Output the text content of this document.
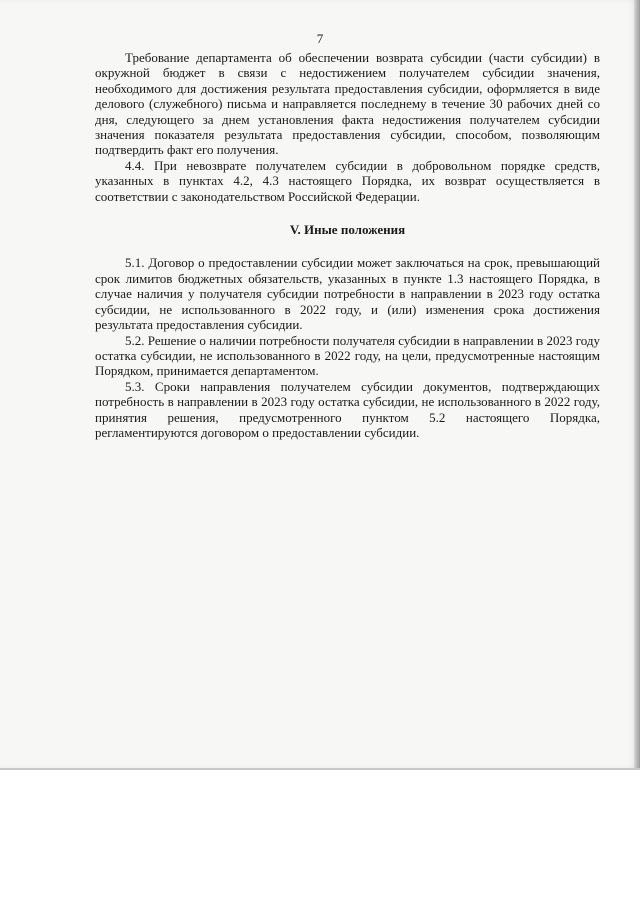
7

Требование департамента об обеспечении возврата субсидии (части субсидии) в окружной бюджет в связи с недостижением получателем субсидии значения, необходимого для достижения результата предоставления субсидии, оформляется в виде делового (служебного) письма и направляется последнему в течение 30 рабочих дней со дня, следующего за днем установления факта недостижения получателем субсидии значения показателя результата предоставления субсидии, способом, позволяющим подтвердить факт его получения.

4.4. При невозврате получателем субсидии в добровольном порядке средств, указанных в пунктах 4.2, 4.3 настоящего Порядка, их возврат осуществляется в соответствии с законодательством Российской Федерации.

V. Иные положения

5.1. Договор о предоставлении субсидии может заключаться на срок, превышающий срок лимитов бюджетных обязательств, указанных в пункте 1.3 настоящего Порядка, в случае наличия у получателя субсидии потребности в направлении в 2023 году остатка субсидии, не использованного в 2022 году, и (или) изменения срока достижения результата предоставления субсидии.

5.2. Решение о наличии потребности получателя субсидии в направлении в 2023 году остатка субсидии, не использованного в 2022 году, на цели, предусмотренные настоящим Порядком, принимается департаментом.

5.3. Сроки направления получателем субсидии документов, подтверждающих потребность в направлении в 2023 году остатка субсидии, не использованного в 2022 году, принятия решения, предусмотренного пунктом 5.2 настоящего Порядка, регламентируются договором о предоставлении субсидии.
